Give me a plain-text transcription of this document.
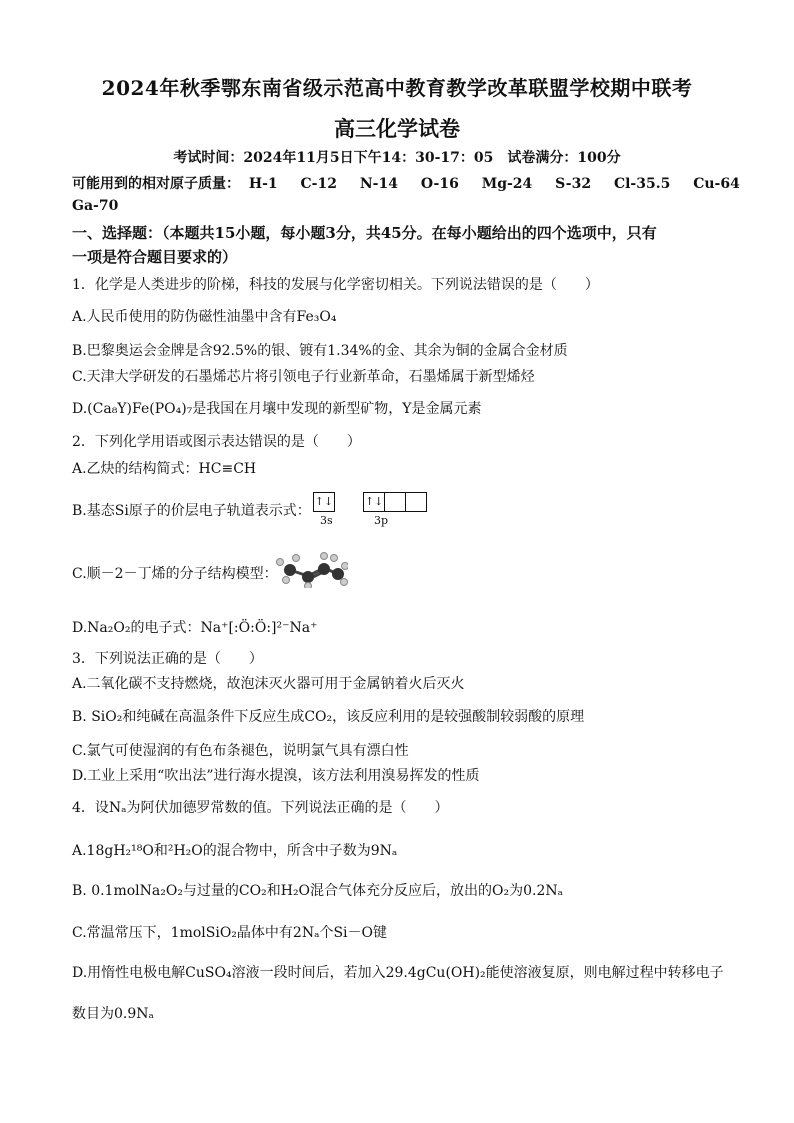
2024年秋季鄂东南省级示范高中教育教学改革联盟学校期中联考
高三化学试卷
考试时间：2024年11月5日下午14：30-17：05　试卷满分：100分
可能用到的相对原子质量： H-1 C-12 N-14 O-16 Mg-24 S-32 Cl-35.5 Cu-64
Ga-70
一、选择题：（本题共15小题，每小题3分，共45分。在每小题给出的四个选项中，只有
一项是符合题目要求的）
1．化学是人类进步的阶梯，科技的发展与化学密切相关。下列说法错误的是（　　）
A.人民币使用的防伪磁性油墨中含有Fe₃O₄
B.巴黎奥运会金牌是含92.5%的银、镀有1.34%的金、其余为铜的金属合金材质
C.天津大学研发的石墨烯芯片将引领电子行业新革命，石墨烯属于新型烯烃
D.(Ca₈Y)Fe(PO₄)₇是我国在月壤中发现的新型矿物，Y是金属元素
2．下列化学用语或图示表达错误的是（　　）
A.乙炔的结构简式：HC≡CH
B.基态Si原子的价层电子轨道表示式：
↑↓	↑↓
3s	3p
C.顺－2－丁烯的分子结构模型：
D.Na₂O₂的电子式：Na⁺[:Ö:Ö:]²⁻Na⁺
3．下列说法正确的是（　　）
A.二氧化碳不支持燃烧，故泡沫灭火器可用于金属钠着火后灭火
B. SiO₂和纯碱在高温条件下反应生成CO₂，该反应利用的是较强酸制较弱酸的原理
C.氯气可使湿润的有色布条褪色，说明氯气具有漂白性
D.工业上采用“吹出法”进行海水提溴，该方法利用溴易挥发的性质
4．设Nₐ为阿伏加德罗常数的值。下列说法正确的是（　　）
A.18gH₂¹⁸O和²H₂O的混合物中，所含中子数为9Nₐ
B. 0.1molNa₂O₂与过量的CO₂和H₂O混合气体充分反应后，放出的O₂为0.2Nₐ
C.常温常压下，1molSiO₂晶体中有2Nₐ个Si－O键
D.用惰性电极电解CuSO₄溶液一段时间后，若加入29.4gCu(OH)₂能使溶液复原，则电解过程中转移电子
数目为0.9Nₐ
